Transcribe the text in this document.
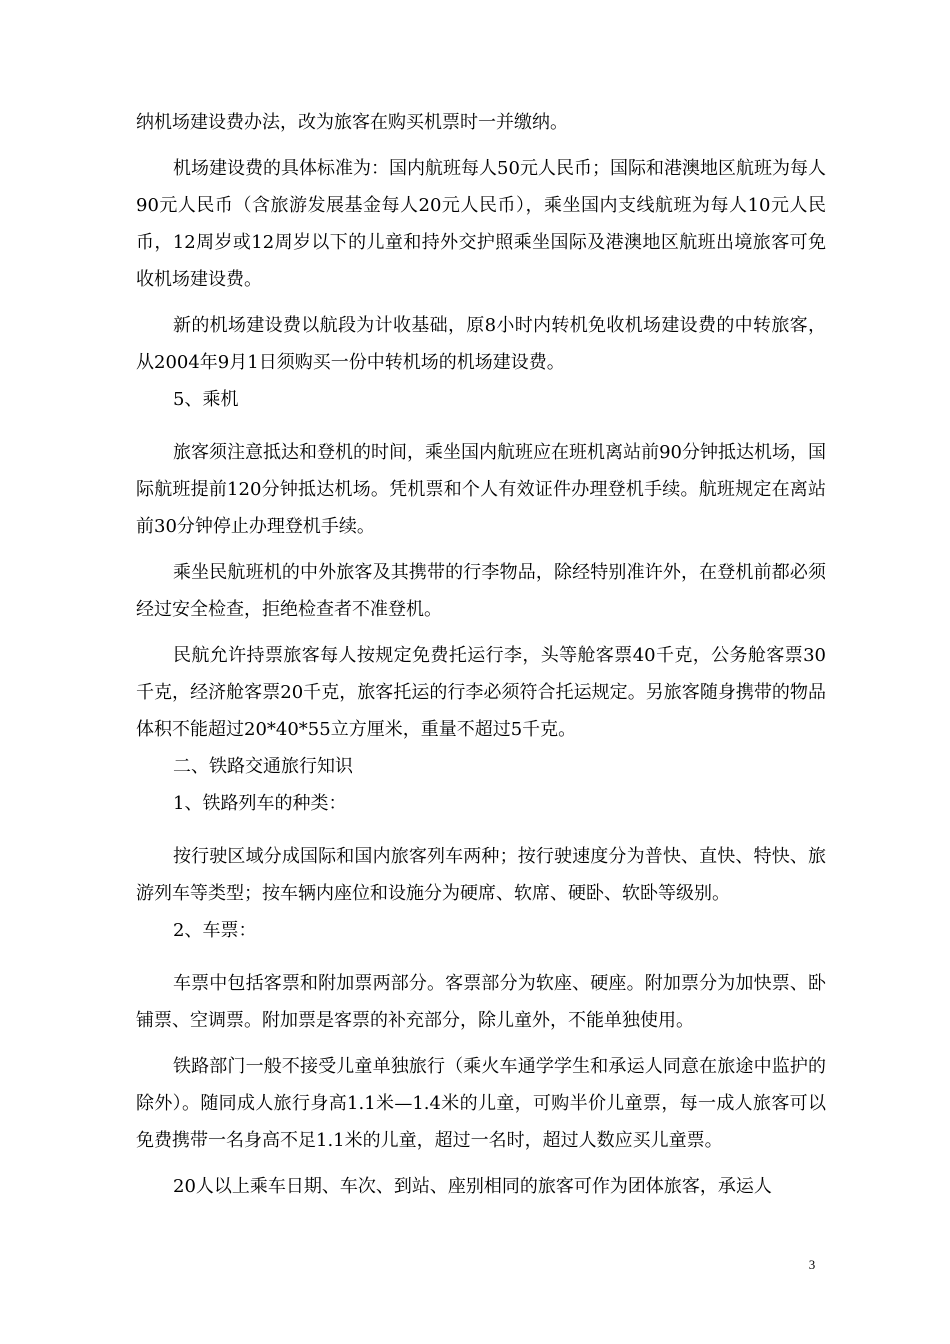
纳机场建设费办法，改为旅客在购买机票时一并缴纳。

机场建设费的具体标准为：国内航班每人50元人民币；国际和港澳地区航班为每人90元人民币（含旅游发展基金每人20元人民币），乘坐国内支线航班为每人10元人民币，12周岁或12周岁以下的儿童和持外交护照乘坐国际及港澳地区航班出境旅客可免收机场建设费。

新的机场建设费以航段为计收基础，原8小时内转机免收机场建设费的中转旅客，从2004年9月1日须购买一份中转机场的机场建设费。

5、乘机

旅客须注意抵达和登机的时间，乘坐国内航班应在班机离站前90分钟抵达机场，国际航班提前120分钟抵达机场。凭机票和个人有效证件办理登机手续。航班规定在离站前30分钟停止办理登机手续。

乘坐民航班机的中外旅客及其携带的行李物品，除经特别准许外，在登机前都必须经过安全检查，拒绝检查者不准登机。

民航允许持票旅客每人按规定免费托运行李，头等舱客票40千克，公务舱客票30千克，经济舱客票20千克，旅客托运的行李必须符合托运规定。另旅客随身携带的物品体积不能超过20*40*55立方厘米，重量不超过5千克。

二、铁路交通旅行知识

1、铁路列车的种类：

按行驶区域分成国际和国内旅客列车两种；按行驶速度分为普快、直快、特快、旅游列车等类型；按车辆内座位和设施分为硬席、软席、硬卧、软卧等级别。

2、车票：

车票中包括客票和附加票两部分。客票部分为软座、硬座。附加票分为加快票、卧铺票、空调票。附加票是客票的补充部分，除儿童外，不能单独使用。

铁路部门一般不接受儿童单独旅行（乘火车通学学生和承运人同意在旅途中监护的除外）。随同成人旅行身高1.1米—1.4米的儿童，可购半价儿童票，每一成人旅客可以免费携带一名身高不足1.1米的儿童，超过一名时，超过人数应买儿童票。

20人以上乘车日期、车次、到站、座别相同的旅客可作为团体旅客，承运人

3
